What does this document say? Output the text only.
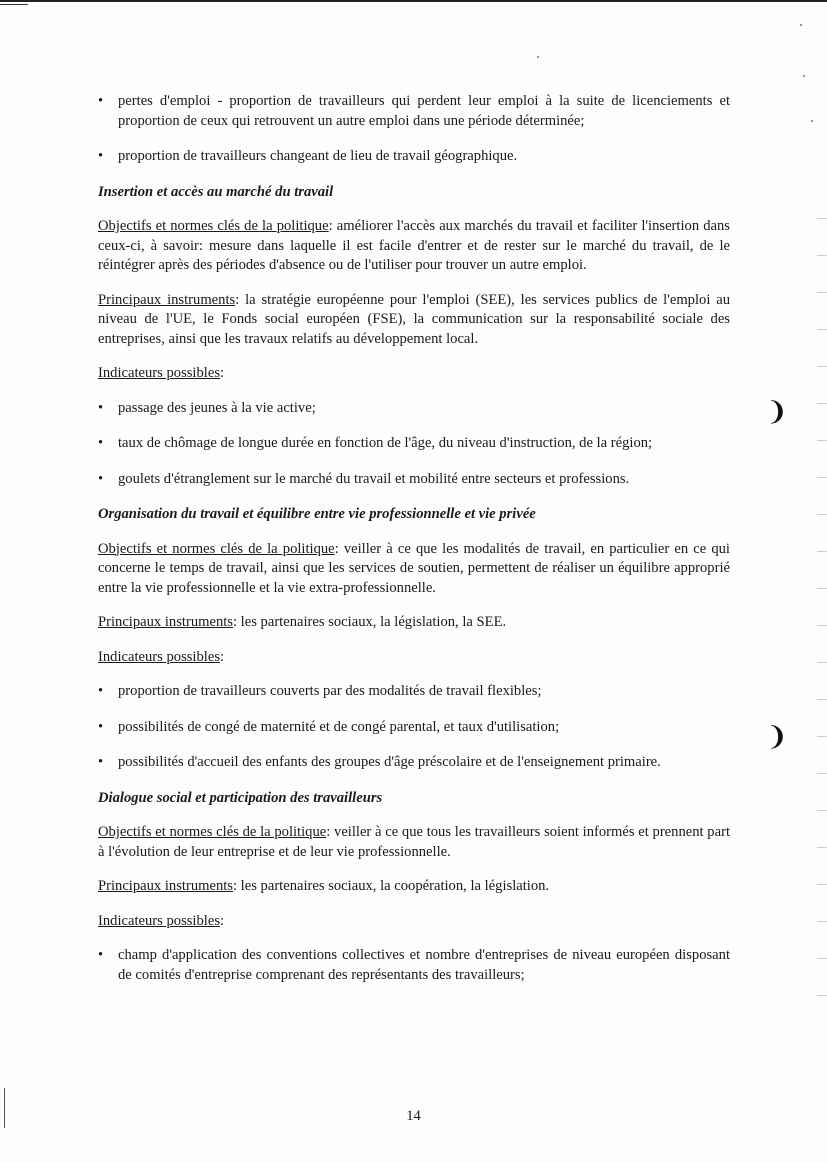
❩
❩
• pertes d'emploi - proportion de travailleurs qui perdent leur emploi à la suite de licenciements et proportion de ceux qui retrouvent un autre emploi dans une période déterminée;
• proportion de travailleurs changeant de lieu de travail géographique.
Insertion et accès au marché du travail
Objectifs et normes clés de la politique: améliorer l'accès aux marchés du travail et faciliter l'insertion dans ceux-ci, à savoir: mesure dans laquelle il est facile d'entrer et de rester sur le marché du travail, de le réintégrer après des périodes d'absence ou de l'utiliser pour trouver un autre emploi.
Principaux instruments: la stratégie européenne pour l'emploi (SEE), les services publics de l'emploi au niveau de l'UE, le Fonds social européen (FSE), la communication sur la responsabilité sociale des entreprises, ainsi que les travaux relatifs au développement local.
Indicateurs possibles:
• passage des jeunes à la vie active;
• taux de chômage de longue durée en fonction de l'âge, du niveau d'instruction, de la région;
• goulets d'étranglement sur le marché du travail et mobilité entre secteurs et professions.
Organisation du travail et équilibre entre vie professionnelle et vie privée
Objectifs et normes clés de la politique: veiller à ce que les modalités de travail, en particulier en ce qui concerne le temps de travail, ainsi que les services de soutien, permettent de réaliser un équilibre approprié entre la vie professionnelle et la vie extra-professionnelle.
Principaux instruments: les partenaires sociaux, la législation, la SEE.
Indicateurs possibles:
• proportion de travailleurs couverts par des modalités de travail flexibles;
• possibilités de congé de maternité et de congé parental, et taux d'utilisation;
• possibilités d'accueil des enfants des groupes d'âge préscolaire et de l'enseignement primaire.
Dialogue social et participation des travailleurs
Objectifs et normes clés de la politique: veiller à ce que tous les travailleurs soient informés et prennent part à l'évolution de leur entreprise et de leur vie professionnelle.
Principaux instruments: les partenaires sociaux, la coopération, la législation.
Indicateurs possibles:
• champ d'application des conventions collectives et nombre d'entreprises de niveau européen disposant de comités d'entreprise comprenant des représentants des travailleurs;
14
